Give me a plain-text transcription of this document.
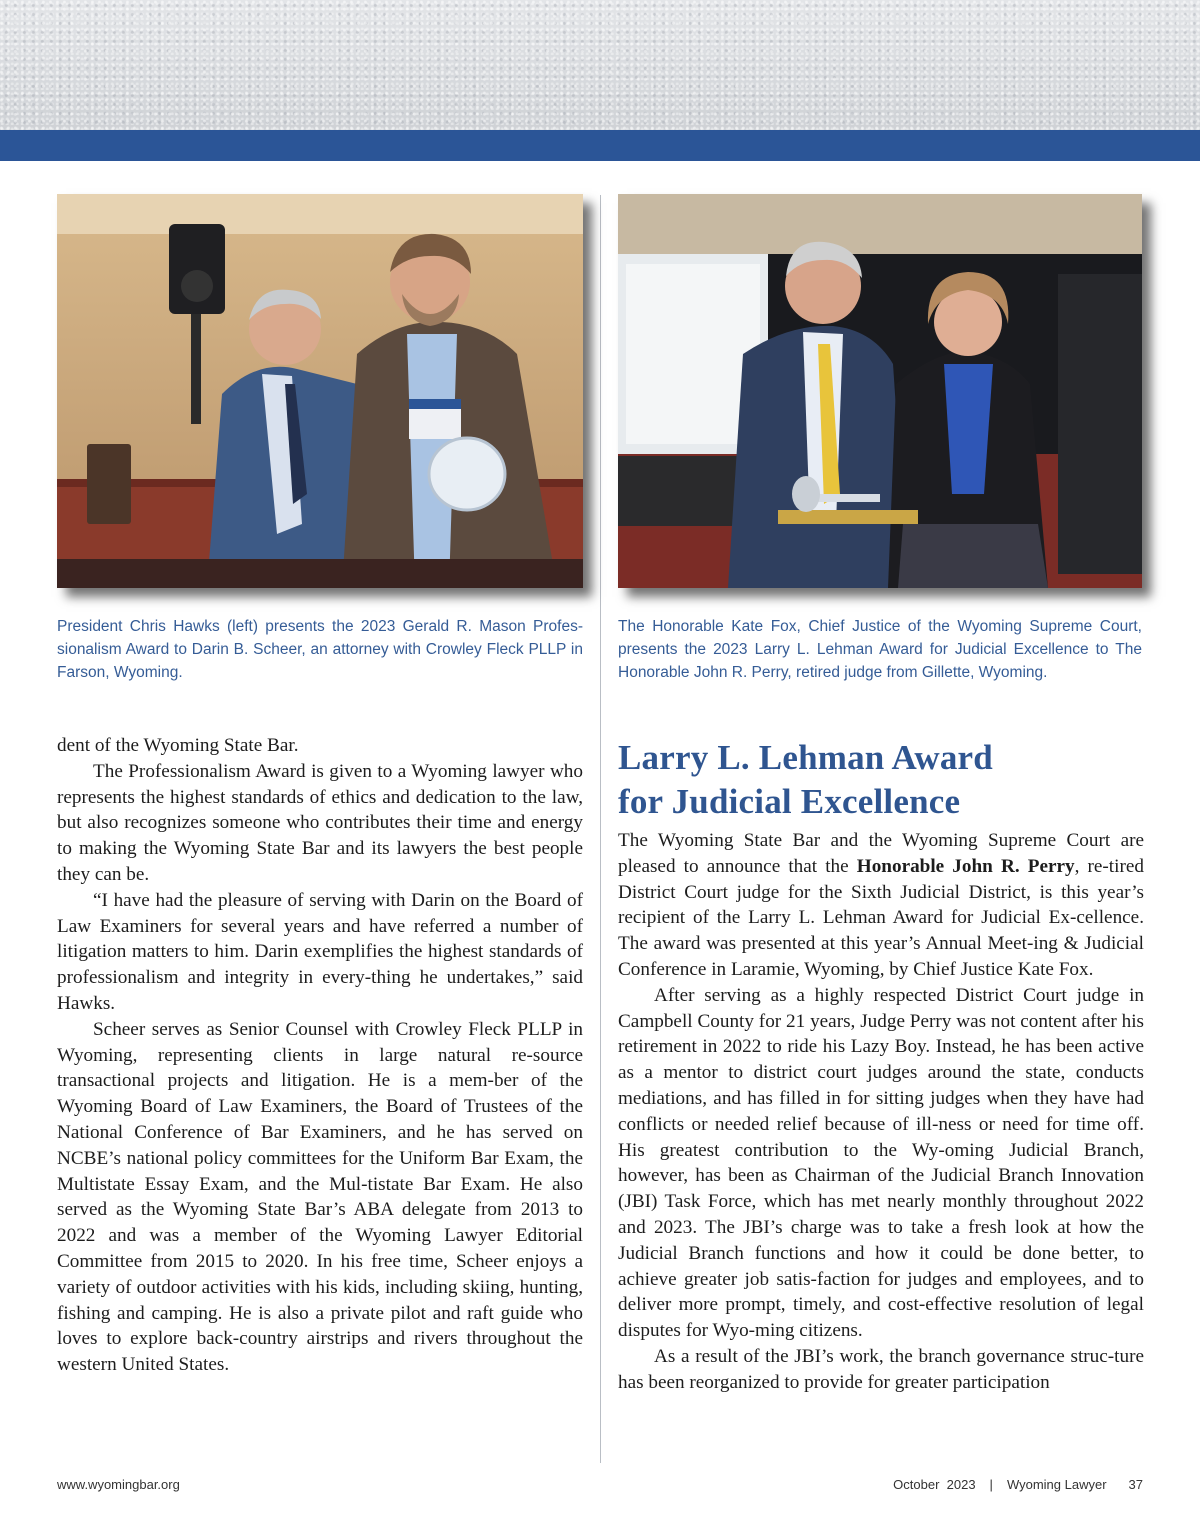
President Chris Hawks (left) presents the 2023 Gerald R. Mason Profes-sionalism Award to Darin B. Scheer, an attorney with Crowley Fleck PLLP in Farson, Wyoming.
The Honorable Kate Fox, Chief Justice of the Wyoming Supreme Court, presents the 2023 Larry L. Lehman Award for Judicial Excellence to The Honorable John R. Perry, retired judge from Gillette, Wyoming.

dent of the Wyoming State Bar.

The Professionalism Award is given to a Wyoming lawyer who represents the highest standards of ethics and dedication to the law, but also recognizes someone who contributes their time and energy to making the Wyoming State Bar and its lawyers the best people they can be.

“I have had the pleasure of serving with Darin on the Board of Law Examiners for several years and have referred a number of litigation matters to him. Darin exemplifies the highest standards of professionalism and integrity in every-thing he undertakes,” said Hawks.

Scheer serves as Senior Counsel with Crowley Fleck PLLP in Wyoming, representing clients in large natural re-source transactional projects and litigation. He is a mem-ber of the Wyoming Board of Law Examiners, the Board of Trustees of the National Conference of Bar Examiners, and he has served on NCBE’s national policy committees for the Uniform Bar Exam, the Multistate Essay Exam, and the Mul-tistate Bar Exam. He also served as the Wyoming State Bar’s ABA delegate from 2013 to 2022 and was a member of the Wyoming Lawyer Editorial Committee from 2015 to 2020. In his free time, Scheer enjoys a variety of outdoor activities with his kids, including skiing, hunting, fishing and camping. He is also a private pilot and raft guide who loves to explore back-country airstrips and rivers throughout the western United States.

Larry L. Lehman Award
for Judicial Excellence

The Wyoming State Bar and the Wyoming Supreme Court are pleased to announce that the Honorable John R. Perry, re-tired District Court judge for the Sixth Judicial District, is this year’s recipient of the Larry L. Lehman Award for Judicial Ex-cellence. The award was presented at this year’s Annual Meet-ing & Judicial Conference in Laramie, Wyoming, by Chief Justice Kate Fox.

After serving as a highly respected District Court judge in Campbell County for 21 years, Judge Perry was not content after his retirement in 2022 to ride his Lazy Boy. Instead, he has been active as a mentor to district court judges around the state, conducts mediations, and has filled in for sitting judges when they have had conflicts or needed relief because of ill-ness or need for time off. His greatest contribution to the Wy-oming Judicial Branch, however, has been as Chairman of the Judicial Branch Innovation (JBI) Task Force, which has met nearly monthly throughout 2022 and 2023. The JBI’s charge was to take a fresh look at how the Judicial Branch functions and how it could be done better, to achieve greater job satis-faction for judges and employees, and to deliver more prompt, timely, and cost-effective resolution of legal disputes for Wyo-ming citizens.

As a result of the JBI’s work, the branch governance struc-ture has been reorganized to provide for greater participation

www.wyomingbar.org	October  2023 | Wyoming Lawyer 37
